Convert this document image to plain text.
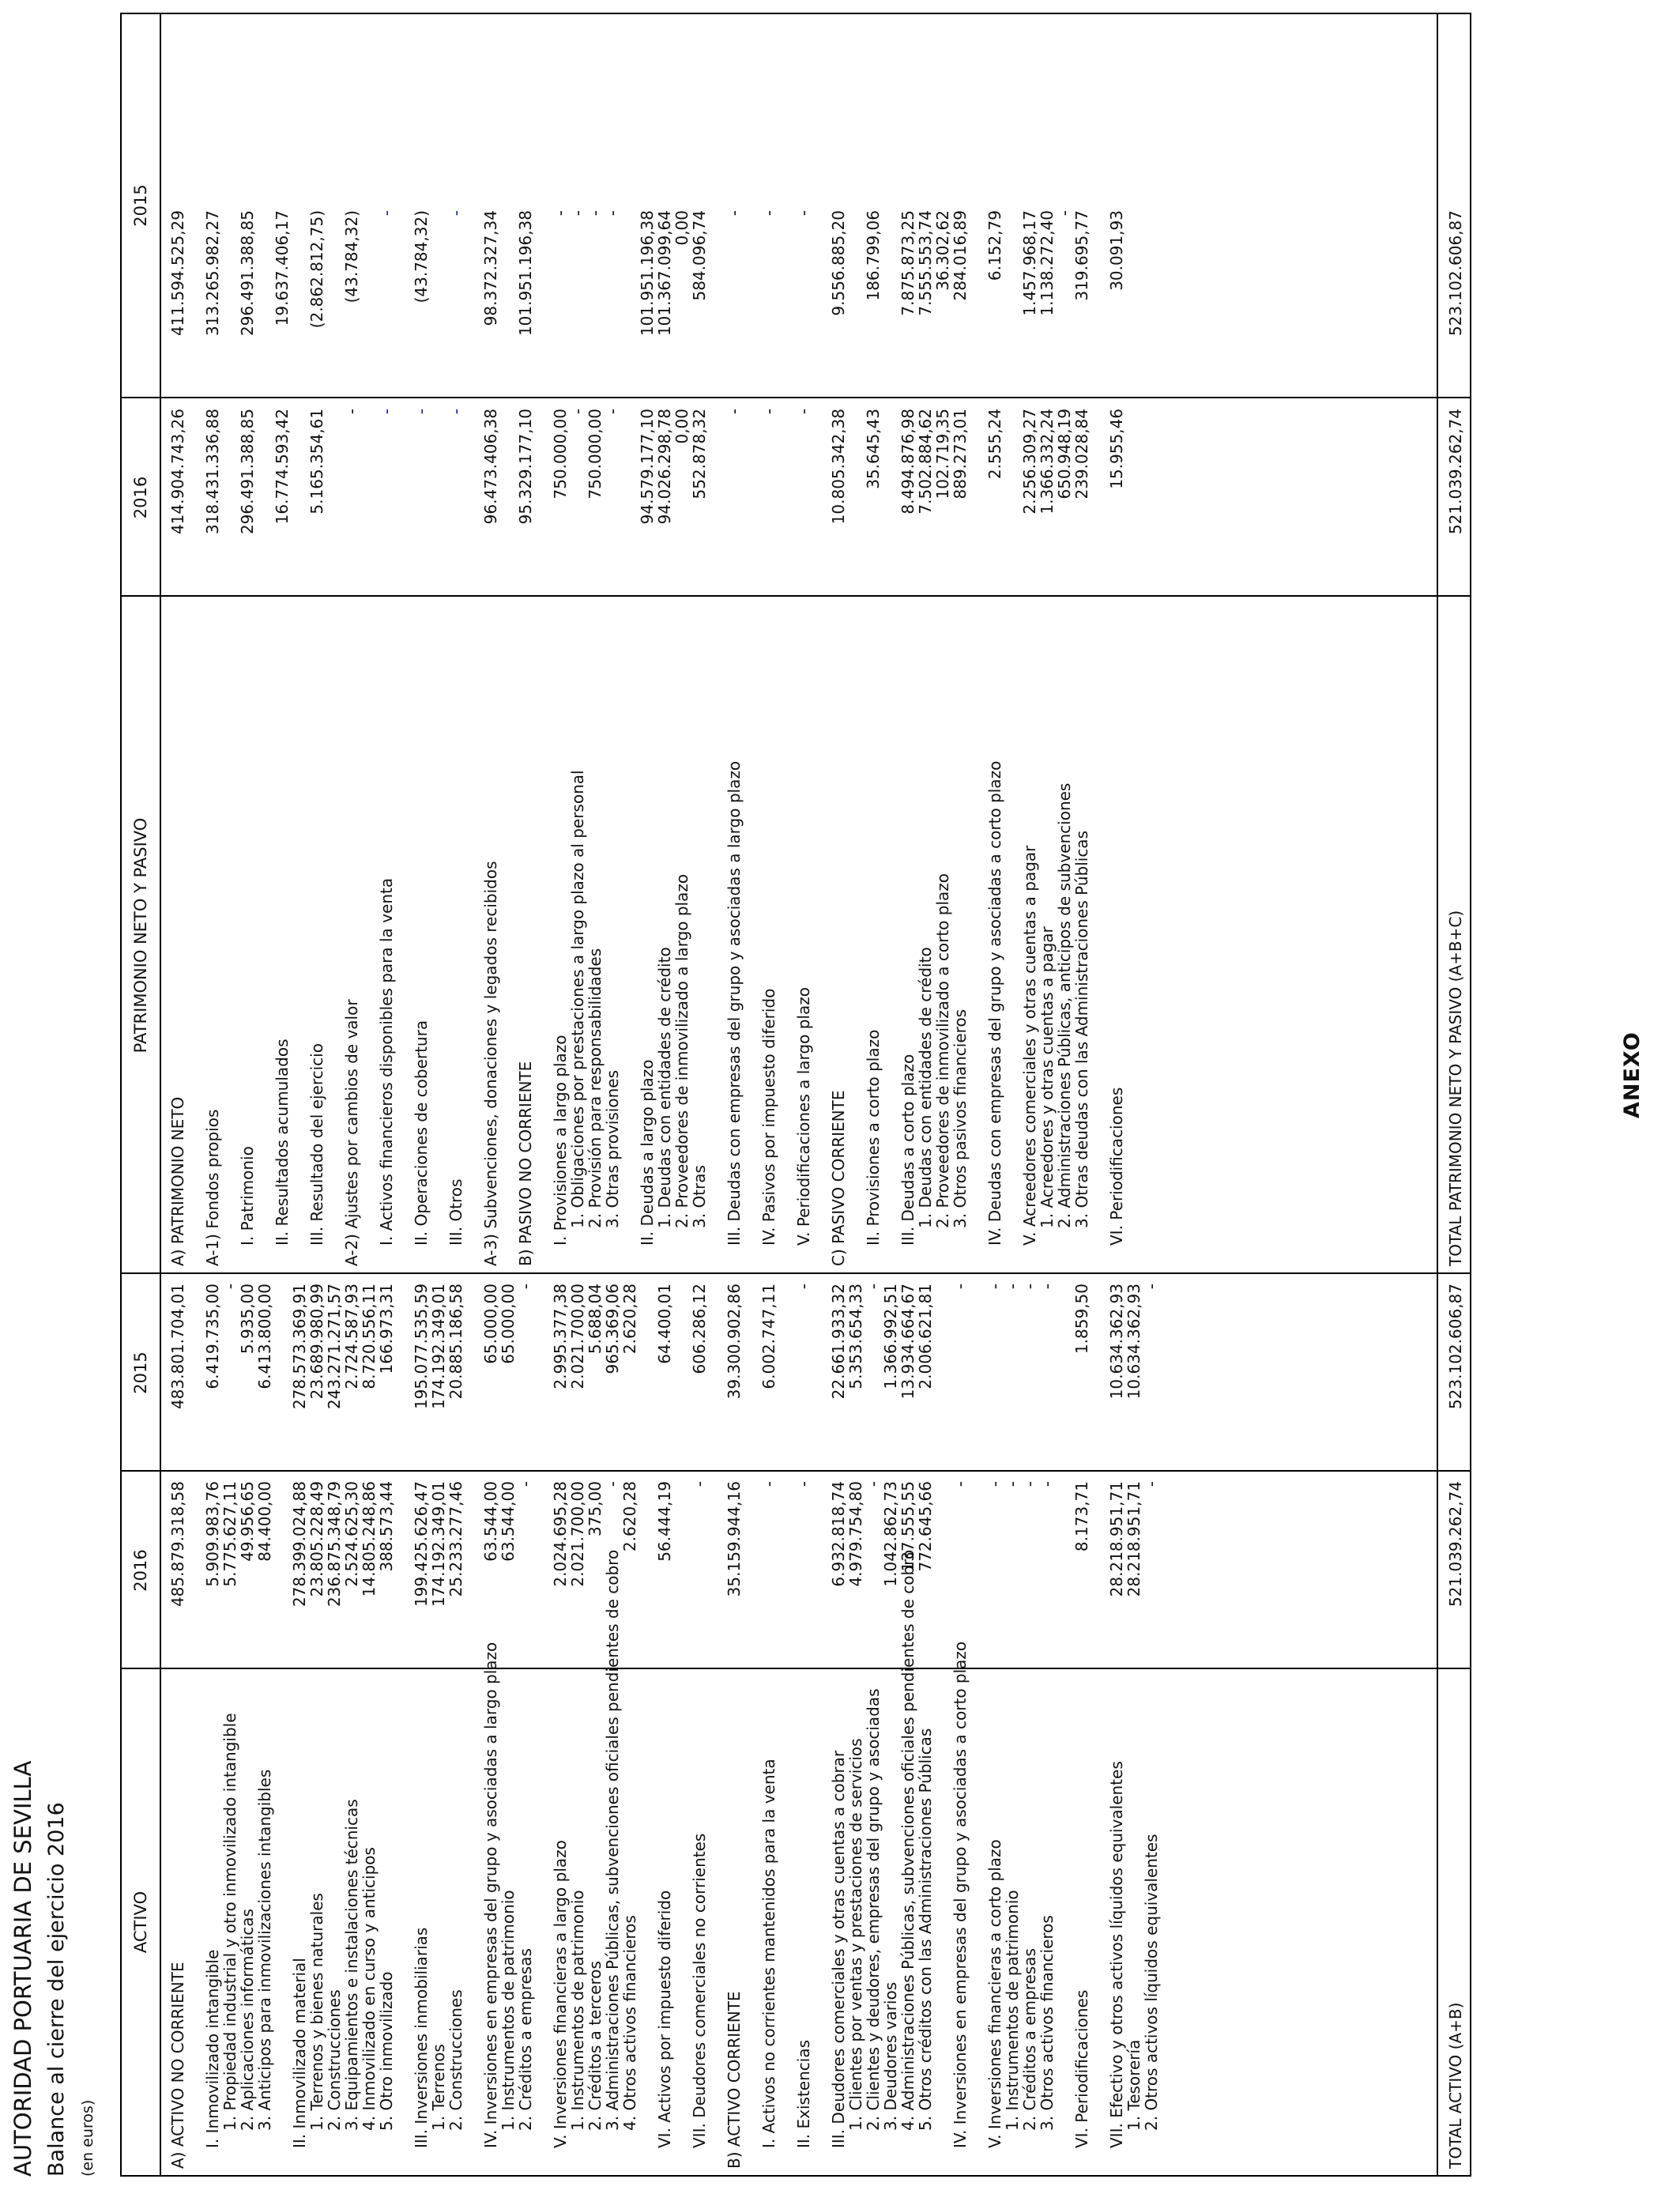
AUTORIDAD PORTUARIA DE SEVILLA Balance al cierre del ejercicio 2016 (en euros)
ANEXO
ACTIVO
2016
2015
PATRIMONIO NETO Y PASIVO
2016
2015
A) ACTIVO NO CORRIENTE
485.879.318,58
483.801.704,01
I. Inmovilizado intangible
5.909.983,76
6.419.735,00
1. Propiedad industrial y otro inmovilizado intangible
5.775.627,11
-
2. Aplicaciones informáticas
49.956,65
5.935,00
3. Anticipos para inmovilizaciones intangibles
84.400,00
6.413.800,00
II. Inmovilizado material
278.399.024,88
278.573.369,91
1. Terrenos y bienes naturales
23.805.228,49
23.689.980,99
2. Construcciones
236.875.348,79
243.271.271,57
3. Equipamientos e instalaciones técnicas
2.524.625,30
2.724.587,93
4. Inmovilizado en curso y anticipos
14.805.248,86
8.720.556,11
5. Otro inmovilizado
388.573,44
166.973,31
III. Inversiones inmobiliarias
199.425.626,47
195.077.535,59
1. Terrenos
174.192.349,01
174.192.349,01
2. Construcciones
25.233.277,46
20.885.186,58
IV. Inversiones en empresas del grupo y asociadas a largo plazo
63.544,00
65.000,00
1. Instrumentos de patrimonio
63.544,00
65.000,00
2. Créditos a empresas
-
-
V. Inversiones financieras a largo plazo
2.024.695,28
2.995.377,38
1. Instrumentos de patrimonio
2.021.700,00
2.021.700,00
2. Créditos a terceros
375,00
5.688,04
3. Administraciones Públicas, subvenciones oficiales pendientes de cobro
-
965.369,06
4. Otros activos financieros
2.620,28
2.620,28
VI. Activos por impuesto diferido
56.444,19
64.400,01
VII. Deudores comerciales no corrientes
-
606.286,12
B) ACTIVO CORRIENTE
35.159.944,16
39.300.902,86
I. Activos no corrientes mantenidos para la venta
-
6.002.747,11
II. Existencias
-
-
III. Deudores comerciales y otras cuentas a cobrar
6.932.818,74
22.661.933,32
1. Clientes por ventas y prestaciones de servicios
4.979.754,80
5.353.654,33
2. Clientes y deudores, empresas del grupo y asociadas
-
-
3. Deudores varios
1.042.862,73
1.366.992,51
4. Administraciones Públicas, subvenciones oficiales pendientes de cobro
137.555,55
13.934.664,67
5. Otros créditos con las Administraciones Públicas
772.645,66
2.006.621,81
IV. Inversiones en empresas del grupo y asociadas a corto plazo
-
-
V. Inversiones financieras a corto plazo
-
-
1. Instrumentos de patrimonio
-
-
2. Créditos a empresas
-
-
3. Otros activos financieros
-
-
VI. Periodificaciones
8.173,71
1.859,50
VII. Efectivo y otros activos líquidos equivalentes
28.218.951,71
10.634.362,93
1. Tesorería
28.218.951,71
10.634.362,93
2. Otros activos líquidos equivalentes
-
-
A) PATRIMONIO NETO
414.904.743,26
411.594.525,29
A-1) Fondos propios
318.431.336,88
313.265.982,27
I. Patrimonio
296.491.388,85
296.491.388,85
II. Resultados acumulados
16.774.593,42
19.637.406,17
III. Resultado del ejercicio
5.165.354,61
(2.862.812,75)
A-2) Ajustes por cambios de valor
-
(43.784,32)
I. Activos financieros disponibles para la venta
-
-
II. Operaciones de cobertura
-
(43.784,32)
III. Otros
-
-
A-3) Subvenciones, donaciones y legados recibidos
96.473.406,38
98.372.327,34
B) PASIVO NO CORRIENTE
95.329.177,10
101.951.196,38
I. Provisiones a largo plazo
750.000,00
-
1. Obligaciones por prestaciones a largo plazo al personal
-
-
2. Provisión para responsabilidades
750.000,00
-
3. Otras provisiones
-
-
II. Deudas a largo plazo
94.579.177,10
101.951.196,38
1. Deudas con entidades de crédito
94.026.298,78
101.367.099,64
2. Proveedores de inmovilizado a largo plazo
0,00
0,00
3. Otras
552.878,32
584.096,74
III. Deudas con empresas del grupo y asociadas a largo plazo
-
-
IV. Pasivos por impuesto diferido
-
-
V. Periodificaciones a largo plazo
-
-
C) PASIVO CORRIENTE
10.805.342,38
9.556.885,20
II. Provisiones a corto plazo
35.645,43
186.799,06
III. Deudas a corto plazo
8.494.876,98
7.875.873,25
1. Deudas con entidades de crédito
7.502.884,62
7.555.553,74
2. Proveedores de inmovilizado a corto plazo
102.719,35
36.302,62
3. Otros pasivos financieros
889.273,01
284.016,89
IV. Deudas con empresas del grupo y asociadas a corto plazo
2.555,24
6.152,79
V. Acreedores comerciales y otras cuentas a pagar
2.256.309,27
1.457.968,17
1. Acreedores y otras cuentas a pagar
1.366.332,24
1.138.272,40
2. Administraciones Públicas, anticipos de subvenciones
650.948,19
-
3. Otras deudas con las Administraciones Públicas
239.028,84
319.695,77
VI. Periodificaciones
15.955,46
30.091,93
TOTAL ACTIVO (A+B)
521.039.262,74
523.102.606,87
TOTAL PATRIMONIO NETO Y PASIVO (A+B+C)
521.039.262,74
523.102.606,87
